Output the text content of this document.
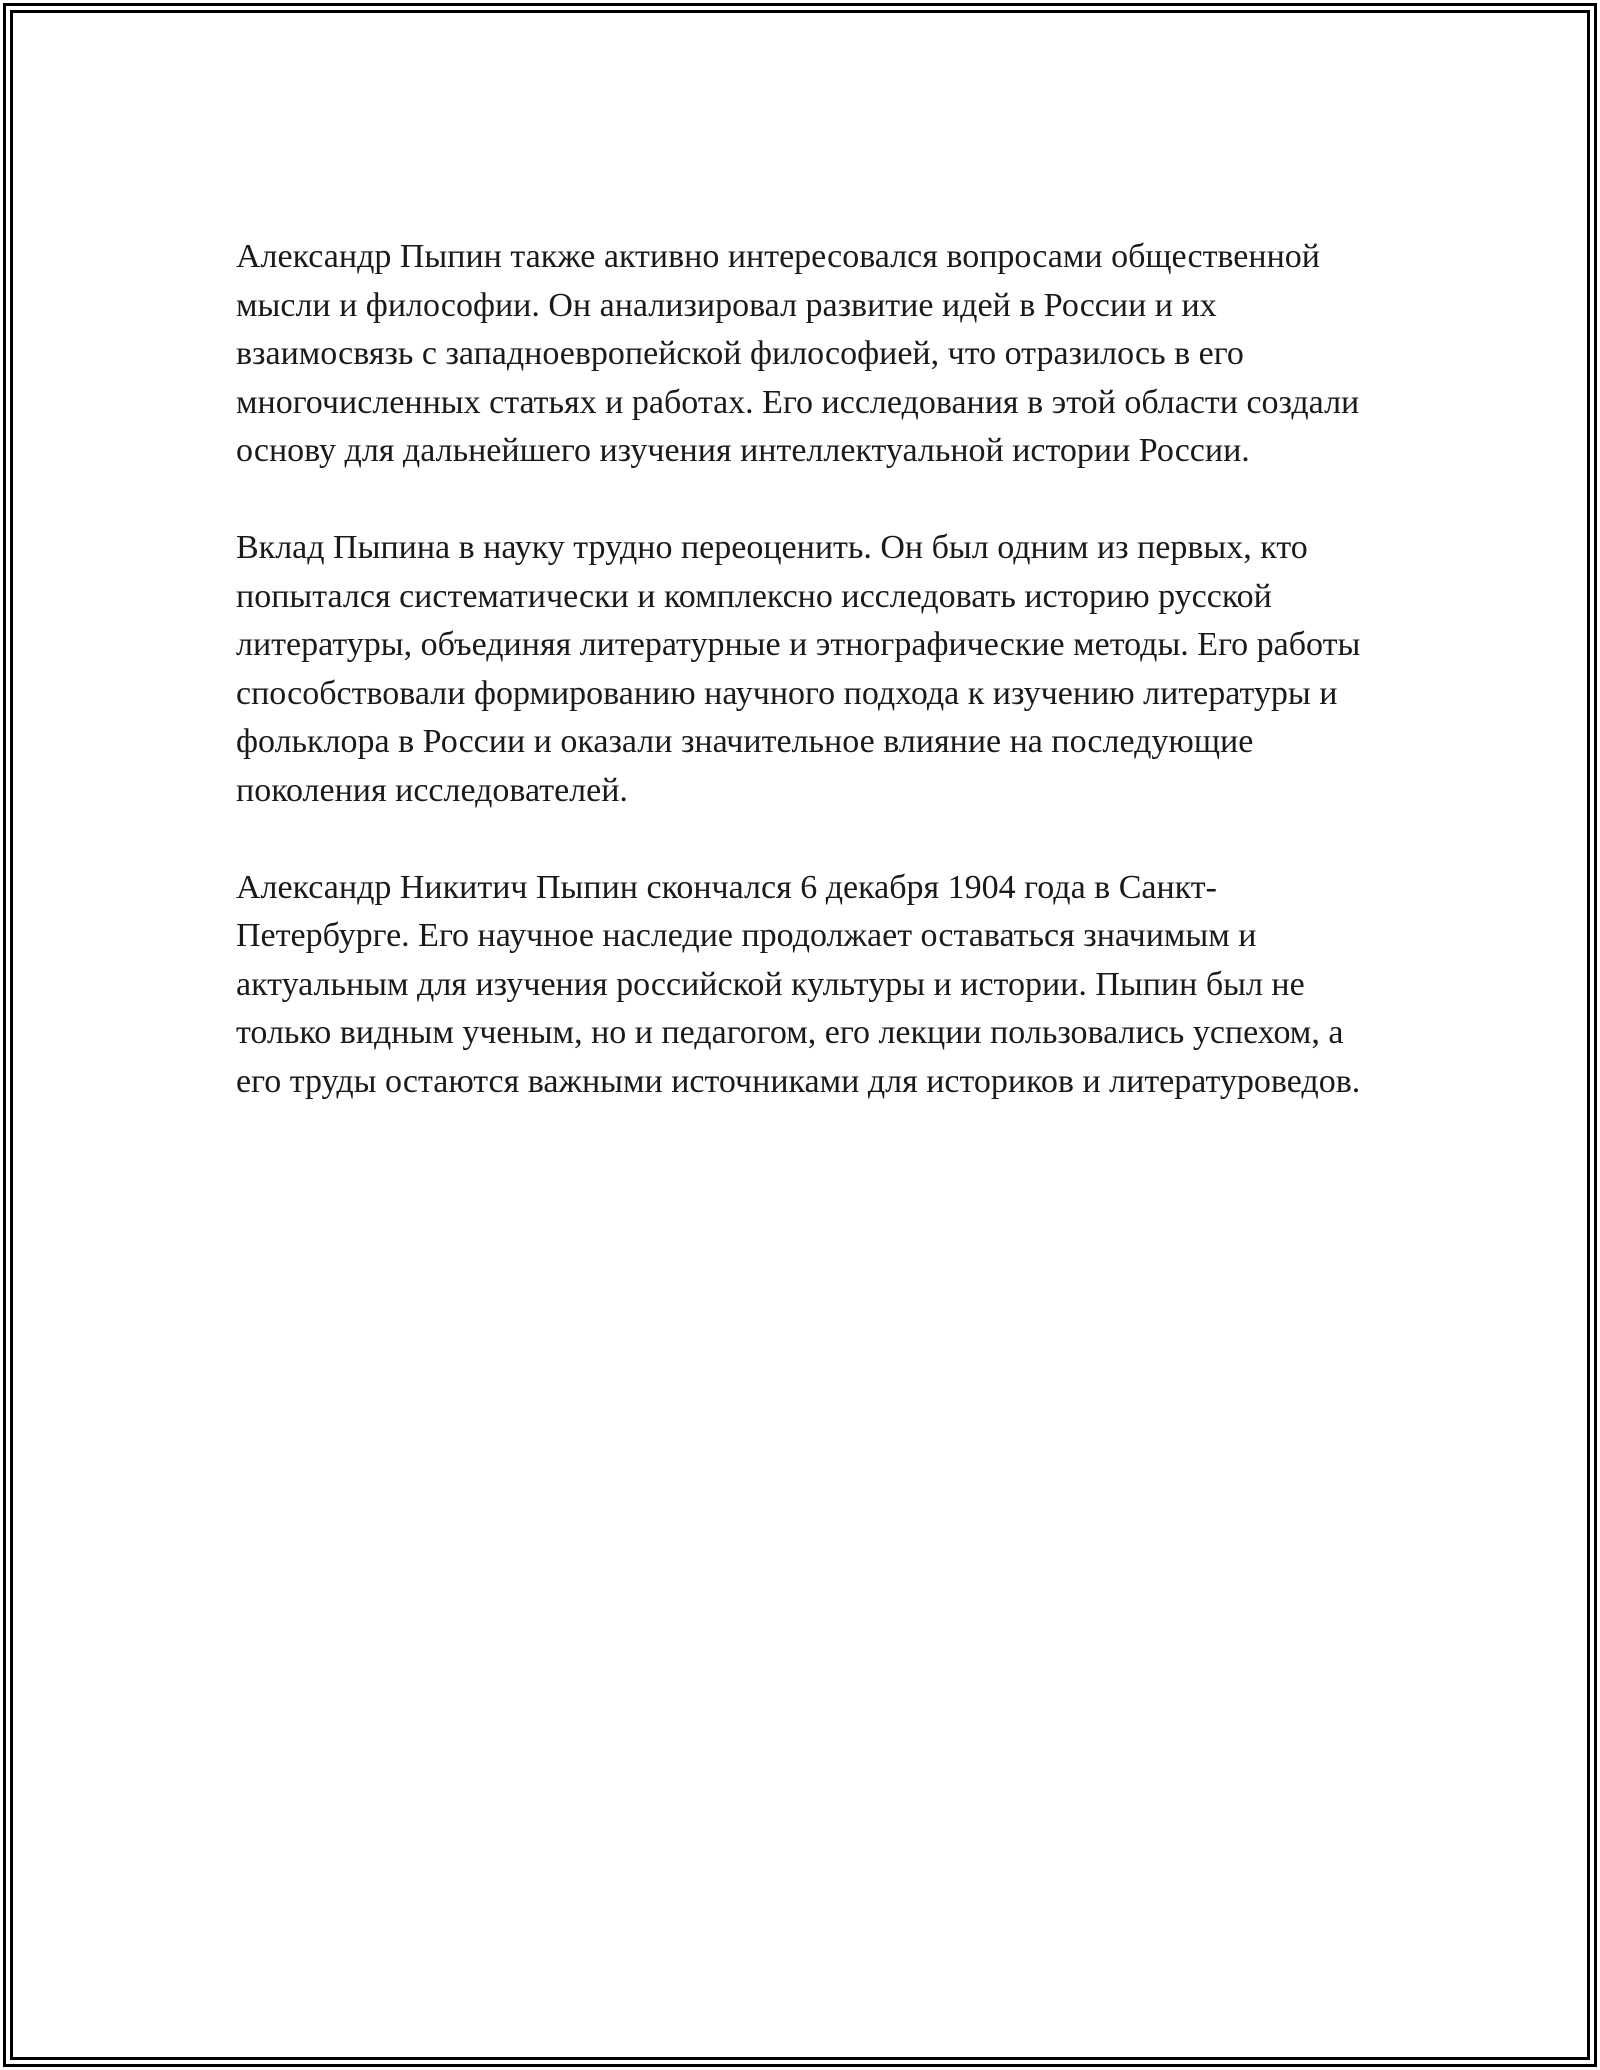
Александр Пыпин также активно интересовался вопросами общественной мысли и философии. Он анализировал развитие идей в России и их взаимосвязь с западноевропейской философией, что отразилось в его многочисленных статьях и работах. Его исследования в этой области создали основу для дальнейшего изучения интеллектуальной истории России.

Вклад Пыпина в науку трудно переоценить. Он был одним из первых, кто попытался систематически и комплексно исследовать историю русской литературы, объединяя литературные и этнографические методы. Его работы способствовали формированию научного подхода к изучению литературы и фольклора в России и оказали значительное влияние на последующие поколения исследователей.

Александр Никитич Пыпин скончался 6 декабря 1904 года в Санкт-Петербурге. Его научное наследие продолжает оставаться значимым и актуальным для изучения российской культуры и истории. Пыпин был не только видным ученым, но и педагогом, его лекции пользовались успехом, а его труды остаются важными источниками для историков и литературоведов.
